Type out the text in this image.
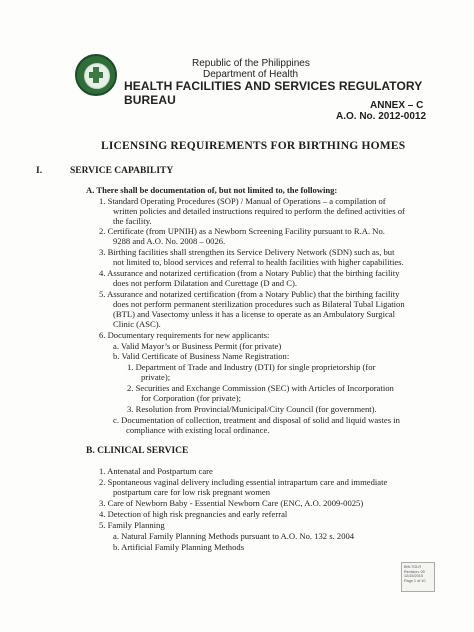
Republic of the Philippines
Department of Health
HEALTH FACILITIES AND SERVICES REGULATORY BUREAU	ANNEX – C
A.O. No. 2012-0012
LICENSING REQUIREMENTS FOR BIRTHING HOMES
I.	SERVICE CAPABILITY
A. There shall be documentation of, but not limited to, the following:
1. Standard Operating Procedures (SOP) / Manual of Operations – a compilation of
written policies and detailed instructions required to perform the defined activities of
the facility.
2. Certificate (from UPNIH) as a Newborn Screening Facility pursuant to R.A. No.
9288 and A.O. No. 2008 – 0026.
3. Birthing facilities shall strengthen its Service Delivery Network (SDN) such as, but
not limited to, blood services and referral to health facilities with higher capabilities.
4. Assurance and notarized certification (from a Notary Public) that the birthing facility
does not perform Dilatation and Curettage (D and C).
5. Assurance and notarized certification (from a Notary Public) that the birthing facility
does not perform permanent sterilization procedures such as Bilateral Tubal Ligation
(BTL) and Vasectomy unless it has a license to operate as an Ambulatory Surgical
Clinic (ASC).
6. Documentary requirements for new applicants:
a. Valid Mayor’s or Business Permit (for private)
b. Valid Certificate of Business Name Registration:
1. Department of Trade and Industry (DTI) for single proprietorship (for
private);
2. Securities and Exchange Commission (SEC) with Articles of Incorporation
for Corporation (for private);
3. Resolution from Provincial/Municipal/City Council (for government).
c. Documentation of collection, treatment and disposal of solid and liquid wastes in
compliance with existing local ordinance.
B. CLINICAL SERVICE
1. Antenatal and Postpartum care
2. Spontaneous vaginal delivery including essential intrapartum care and immediate
postpartum care for low risk pregnant women
3. Care of Newborn Baby - Essential Newborn Care (ENC, A.O. 2009-0025)
4. Detection of high risk pregnancies and early referral
5. Family Planning
a. Natural Family Planning Methods pursuant to A.O. No. 132 s. 2004
b. Artificial Family Planning Methods
BHLTOLR
Revision: 00
12/15/2015
Page 1 of 10
